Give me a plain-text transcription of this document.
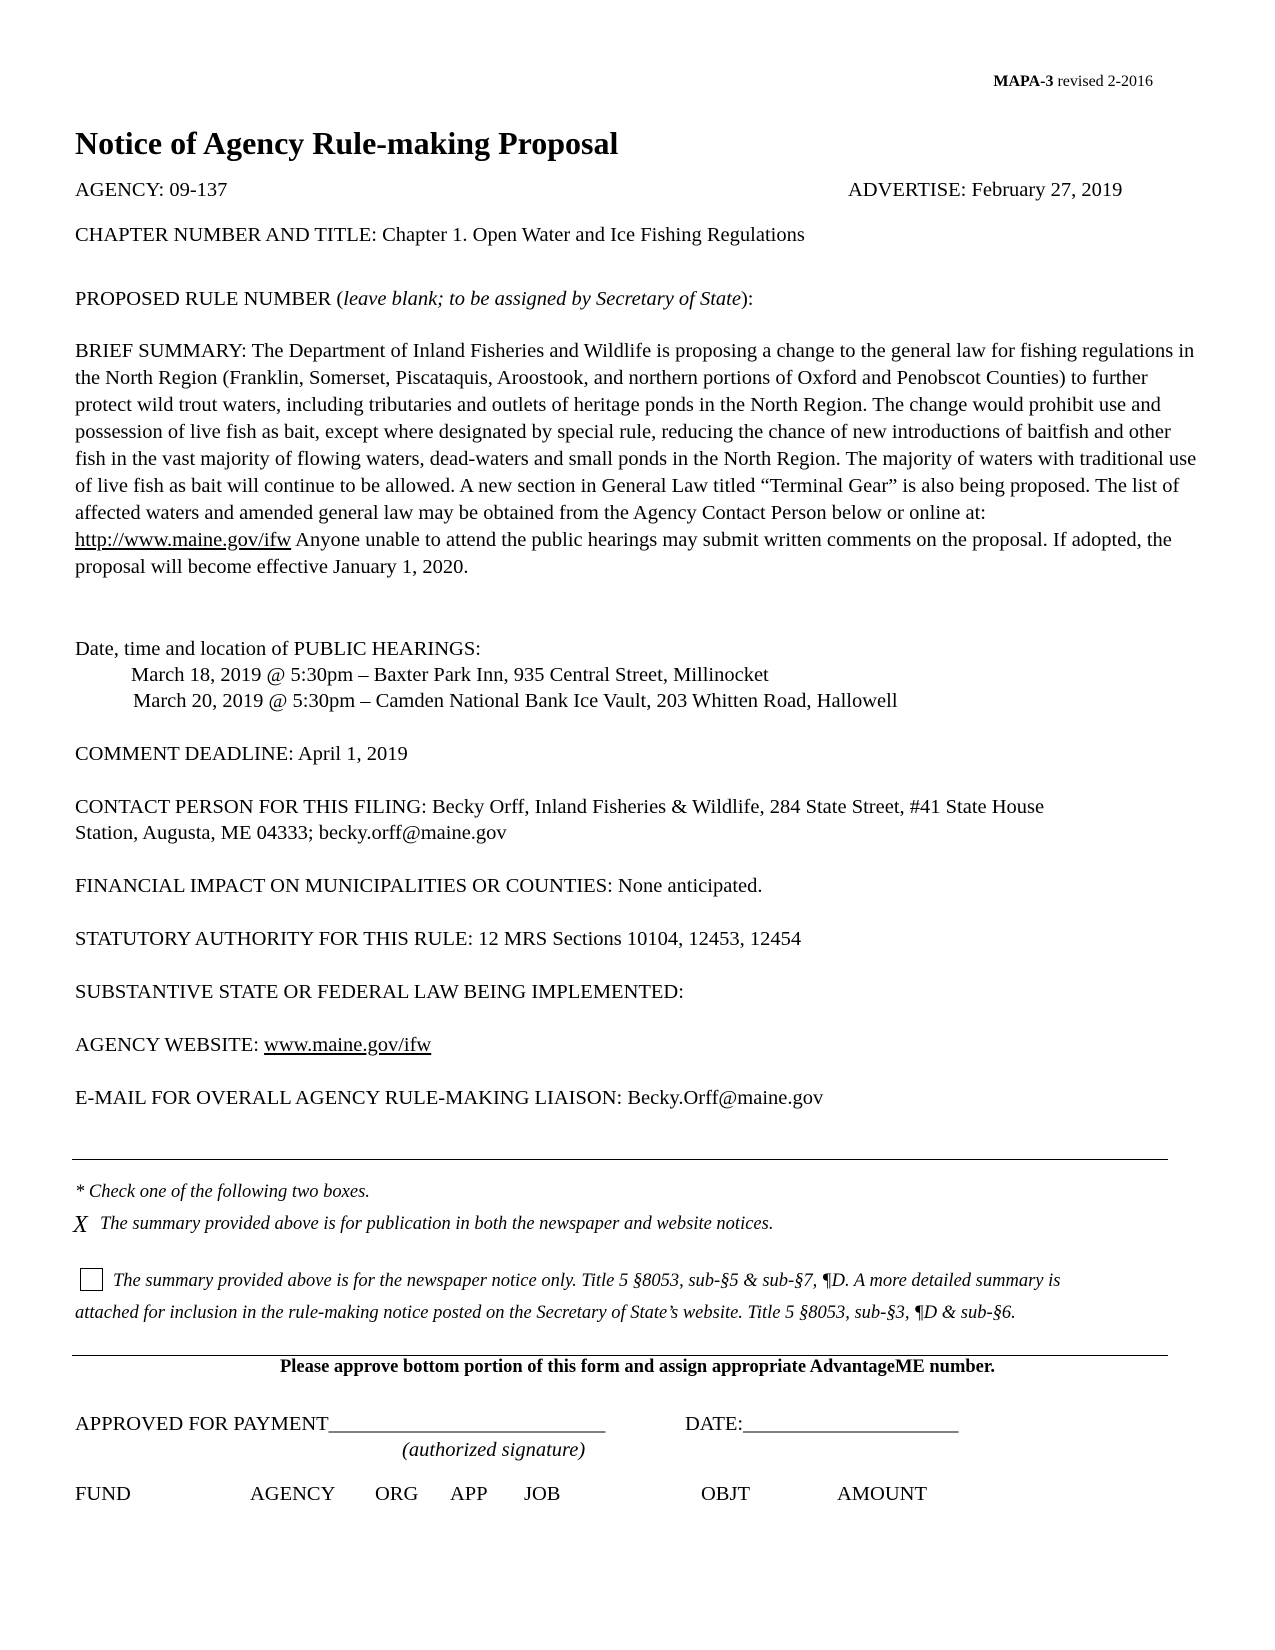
MAPA-3 revised 2-2016
Notice of Agency Rule-making Proposal
AGENCY: 09-137	ADVERTISE: February 27, 2019
CHAPTER NUMBER AND TITLE: Chapter 1. Open Water and Ice Fishing Regulations
PROPOSED RULE NUMBER (leave blank; to be assigned by Secretary of State):
BRIEF SUMMARY: The Department of Inland Fisheries and Wildlife is proposing a change to the general law for fishing regulations in the North Region (Franklin, Somerset, Piscataquis, Aroostook, and northern portions of Oxford and Penobscot Counties) to further protect wild trout waters, including tributaries and outlets of heritage ponds in the North Region. The change would prohibit use and possession of live fish as bait, except where designated by special rule, reducing the chance of new introductions of baitfish and other fish in the vast majority of flowing waters, dead-waters and small ponds in the North Region. The majority of waters with traditional use of live fish as bait will continue to be allowed. A new section in General Law titled “Terminal Gear” is also being proposed. The list of affected waters and amended general law may be obtained from the Agency Contact Person below or online at: http://www.maine.gov/ifw Anyone unable to attend the public hearings may submit written comments on the proposal. If adopted, the proposal will become effective January 1, 2020.
Date, time and location of PUBLIC HEARINGS:
March 18, 2019 @ 5:30pm – Baxter Park Inn, 935 Central Street, Millinocket
March 20, 2019 @ 5:30pm – Camden National Bank Ice Vault, 203 Whitten Road, Hallowell
COMMENT DEADLINE: April 1, 2019
CONTACT PERSON FOR THIS FILING: Becky Orff, Inland Fisheries & Wildlife, 284 State Street, #41 State House
Station, Augusta, ME 04333; becky.orff@maine.gov
FINANCIAL IMPACT ON MUNICIPALITIES OR COUNTIES: None anticipated.
STATUTORY AUTHORITY FOR THIS RULE: 12 MRS Sections 10104, 12453, 12454
SUBSTANTIVE STATE OR FEDERAL LAW BEING IMPLEMENTED:
AGENCY WEBSITE: www.maine.gov/ifw
E-MAIL FOR OVERALL AGENCY RULE-MAKING LIAISON: Becky.Orff@maine.gov
* Check one of the following two boxes.
X The summary provided above is for publication in both the newspaper and website notices.
The summary provided above is for the newspaper notice only. Title 5 §8053, sub-§5 & sub-§7, ¶D. A more detailed summary is
attached for inclusion in the rule-making notice posted on the Secretary of State’s website. Title 5 §8053, sub-§3, ¶D & sub-§6.
Please approve bottom portion of this form and assign appropriate AdvantageME number.
APPROVED FOR PAYMENT___________________________	DATE:_____________________
(authorized signature)
FUND	AGENCY ORG APP JOB	OBJT	AMOUNT
